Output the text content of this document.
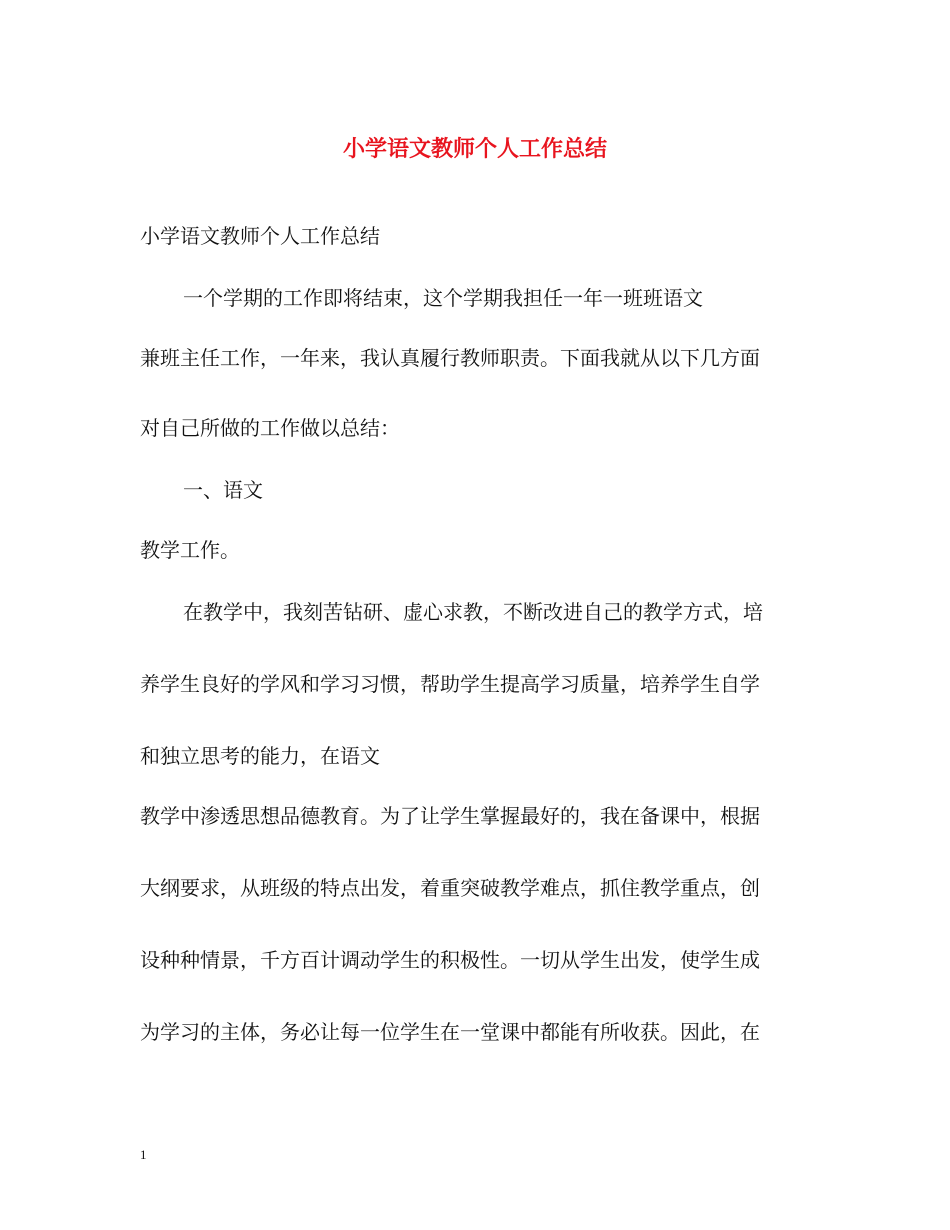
小学语文教师个人工作总结
小学语文教师个人工作总结
一个学期的工作即将结束，这个学期我担任一年一班班语文
兼班主任工作，一年来，我认真履行教师职责。下面我就从以下几方面
对自己所做的工作做以总结：
一、语文
教学工作。
在教学中，我刻苦钻研、虚心求教，不断改进自己的教学方式，培
养学生良好的学风和学习习惯，帮助学生提高学习质量，培养学生自学
和独立思考的能力，在语文
教学中渗透思想品德教育。为了让学生掌握最好的，我在备课中，根据
大纲要求，从班级的特点出发，着重突破教学难点，抓住教学重点，创
设种种情景，千方百计调动学生的积极性。一切从学生出发，使学生成
为学习的主体，务必让每一位学生在一堂课中都能有所收获。因此，在
1
